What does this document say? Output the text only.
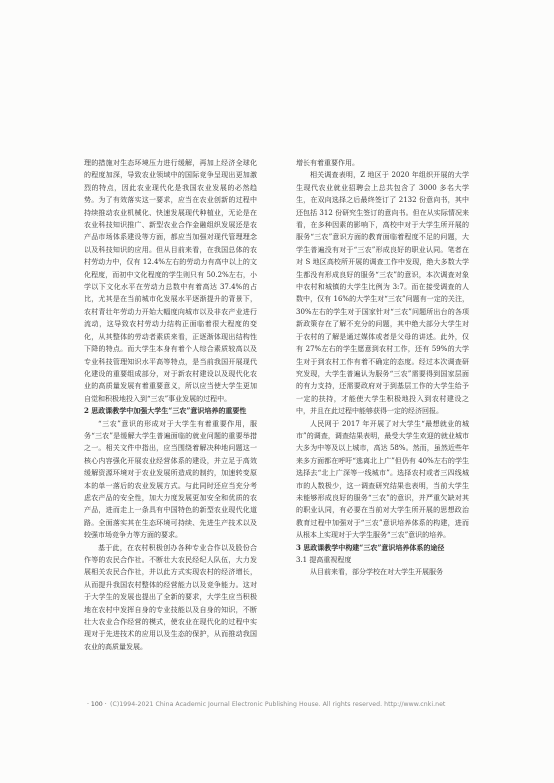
理的措施对生态环境压力进行缓解，再加上经济全球化的程度加深，导致农业领域中的国际竞争呈现出更加激烈的特点，因此农业现代化是我国农业发展的必然趋势。为了有效落实这一要求，应当在农业创新的过程中持续推动农业机械化、快速发展现代种植业，无论是在农业科技知识推广、新型农业合作金融组织发展还是农产品市场体系建设等方面，都应当加强对现代管理理念以及科技知识的应用。但从目前来看，在我国总体的农村劳动力中，仅有 12.4%左右的劳动力有高中以上的文化程度，而初中文化程度的学生则只有 50.2%左右，小学以下文化水平在劳动力总数中有着高达 37.4%的占比，尤其是在当前城市化发展水平逐渐提升的背景下，农村青壮年劳动力开始大幅度向城市以及非农产业进行流动，这导致农村劳动力结构正面临着很大程度的变化，从其整体的劳动者素质来看，正逐渐体现出结构性下降的特点。而大学生本身有着个人综合素质较高以及专业科技管理知识水平高等特点，是当前我国开展现代化建设的重要组成部分，对于新农村建设以及现代化农业的高质量发展有着重要意义，所以应当使大学生更加自觉和积极地投入到“三农”事业发展的过程中。

2 思政课教学中加强大学生“三农”意识培养的重要性

“三农”意识的形成对于大学生有着重要作用，服务“三农”是缓解大学生普遍面临的就业问题的重要举措之一。相关文件中指出，应当围绕着解决种地问题这一核心内容强化开展农业经营体系的建设，并立足于高效缓解资源环境对于农业发展所造成的制约，加速转变原本的单一落后的农业发展方式。与此同时还应当充分考虑农产品的安全性，加大力度发展更加安全和优质的农产品，进而走上一条具有中国特色的新型农业现代化道路。全面落实其在生态环境可持续、先进生产技术以及较强市场竞争力等方面的要求。

基于此，在农村积极创办各种专业合作以及股份合作等的农民合作社。不断壮大农民经纪人队伍，大力发展相关农民合作社，并以此方式实现农村的经济增长，从而提升我国农村整体的经营能力以及竞争能力。这对于大学生的发展也提出了全新的要求，大学生应当积极地在农村中发挥自身的专业技能以及自身的知识，不断壮大农业合作经营的模式，使农业在现代化的过程中实现对于先进技术的应用以及生态的保护，从而推动我国农业的高质量发展。

增长有着重要作用。

相关调查表明，Z 地区于 2020 年组织开展的大学生现代农业就业招聘会上总共包含了 3000 多名大学生，在双向选择之后最终签订了 2132 份意向书，其中还包括 312 份研究生签订的意向书。但在从实际情况来看，在多种因素的影响下，高校中对于大学生所开展的服务“三农”意识方面的教育面临着程度不足的问题，大学生普遍没有对于“三农”形成良好的职业认同。笔者在对 S 地区高校所开展的调查工作中发现，绝大多数大学生都没有形成良好的服务“三农”的意识，本次调查对象中农村和城镇的大学生比例为 3:7。而在接受调查的人数中，仅有 16%的大学生对“三农”问题有一定的关注，30%左右的学生对于国家针对“三农”问题所出台的各项新政策存在了解不充分的问题，其中绝大部分大学生对于农村的了解是通过媒体或者是父母的讲述。此外，仅有 27%左右的学生愿意到农村工作，还有 59%的大学生对于到农村工作有着不确定的态度。经过本次调查研究发现，大学生普遍认为服务“三农”需要得到国家层面的有力支持，还需要政府对于到基层工作的大学生给予一定的扶持，才能使大学生积极地投入到农村建设之中，并且在此过程中能够获得一定的经济回报。

人民网于 2017 年开展了对大学生“最想就业的城市”的调查，调查结果表明，最受大学生欢迎的就业城市大多为中等及以上城市，高达 58%。然而，虽然近些年来多方面都在呼吁“逃离北上广”但仍有 40%左右的学生选择去“北上广深等一线城市”。选择农村或者三四线城市的人数极少，这一调查研究结果也表明，当前大学生未能够形成良好的服务“三农”的意识，并严重欠缺对其的职业认同，有必要在当前对大学生所开展的思想政治教育过程中加强对于“三农”意识培养体系的构建，进而从根本上实现对于大学生服务“三农”意识的培养。

3 思政课教学中构建“三农”意识培养体系的途径

3.1 提高重视程度

从目前来看，部分学校在对大学生开展服务

· 100 · (C)1994-2021 China Academic Journal Electronic Publishing House. All rights reserved. http://www.cnki.net
